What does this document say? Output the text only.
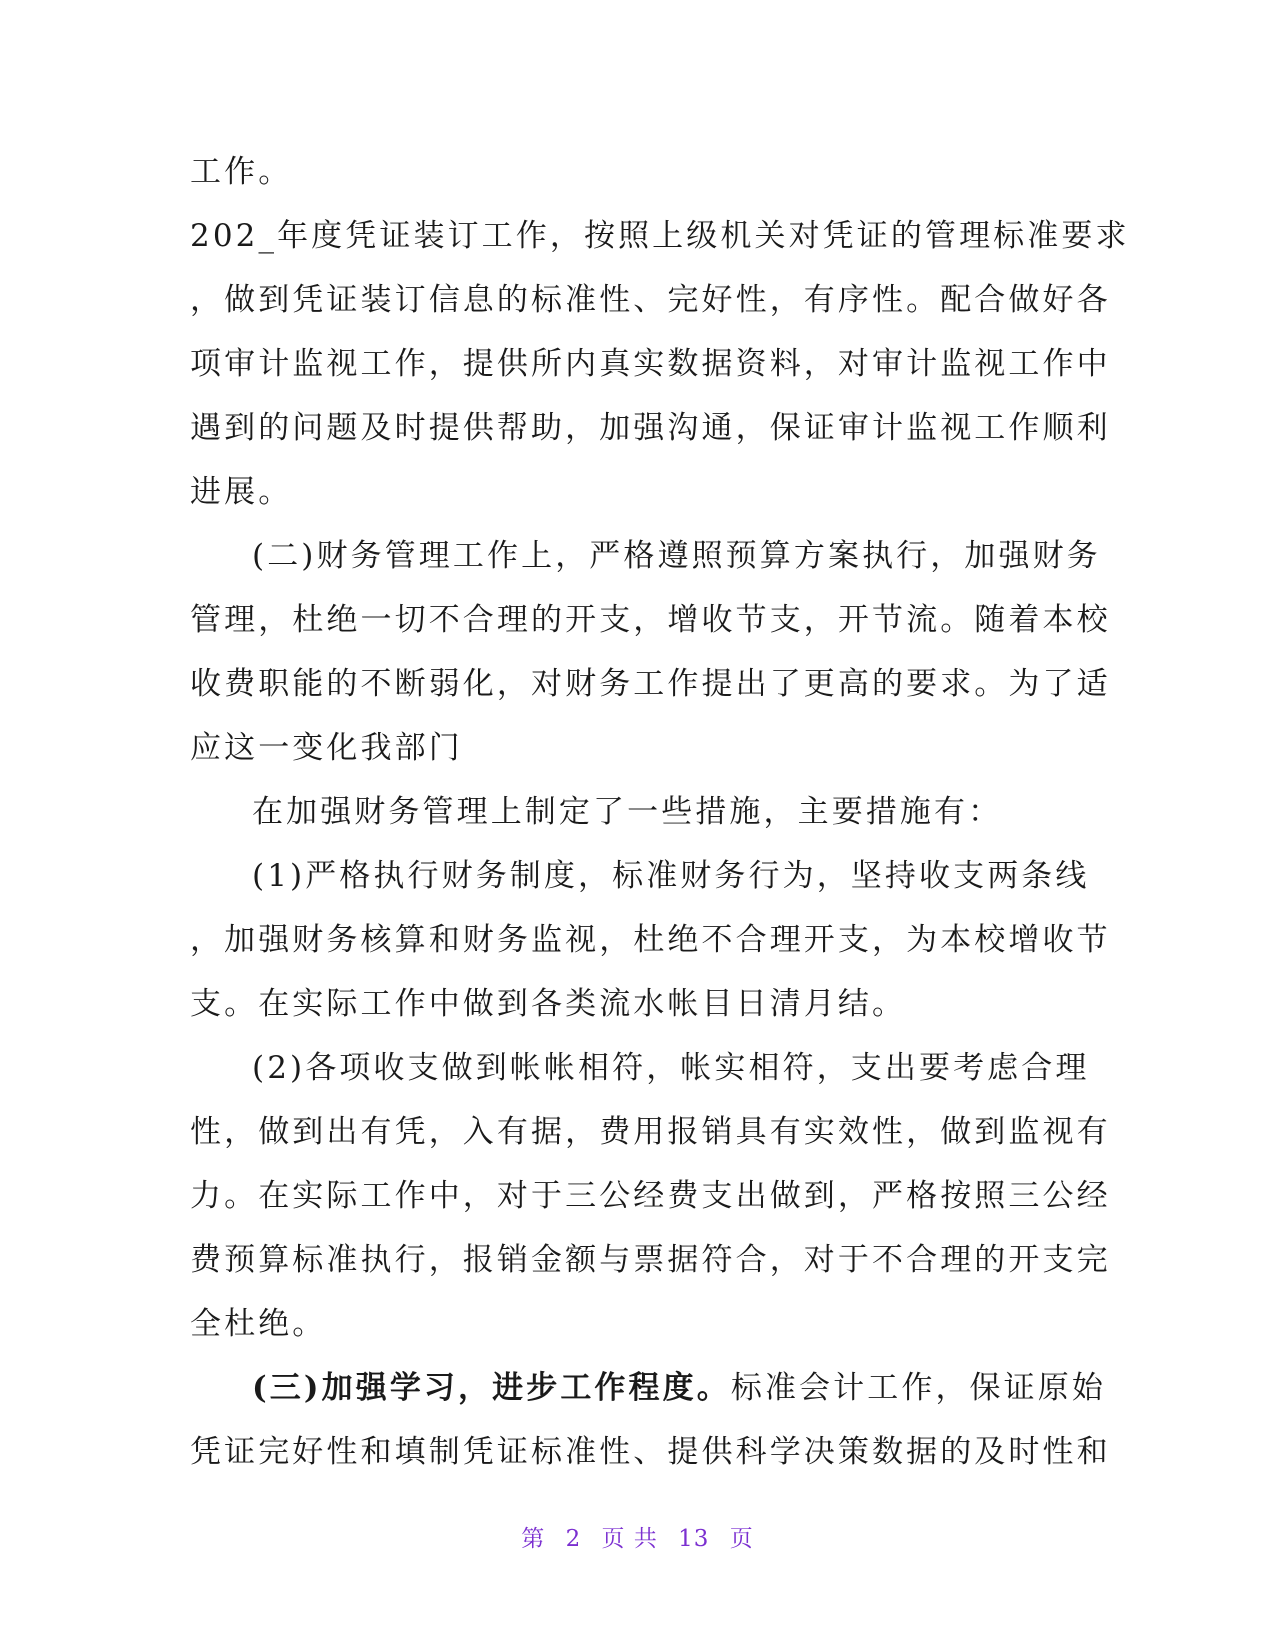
工作。
202_年度凭证装订工作，按照上级机关对凭证的管理标准要求
，做到凭证装订信息的标准性、完好性，有序性。配合做好各
项审计监视工作，提供所内真实数据资料，对审计监视工作中
遇到的问题及时提供帮助，加强沟通，保证审计监视工作顺利
进展。
(二)财务管理工作上，严格遵照预算方案执行，加强财务
管理，杜绝一切不合理的开支，增收节支，开节流。随着本校
收费职能的不断弱化，对财务工作提出了更高的要求。为了适
应这一变化我部门
在加强财务管理上制定了一些措施，主要措施有：
(1)严格执行财务制度，标准财务行为，坚持收支两条线
，加强财务核算和财务监视，杜绝不合理开支，为本校增收节
支。在实际工作中做到各类流水帐目日清月结。
(2)各项收支做到帐帐相符，帐实相符，支出要考虑合理
性，做到出有凭，入有据，费用报销具有实效性，做到监视有
力。在实际工作中，对于三公经费支出做到，严格按照三公经
费预算标准执行，报销金额与票据符合，对于不合理的开支完
全杜绝。
(三)加强学习，进步工作程度。标准会计工作，保证原始
凭证完好性和填制凭证标准性、提供科学决策数据的及时性和
第 2 页 共 13 页
